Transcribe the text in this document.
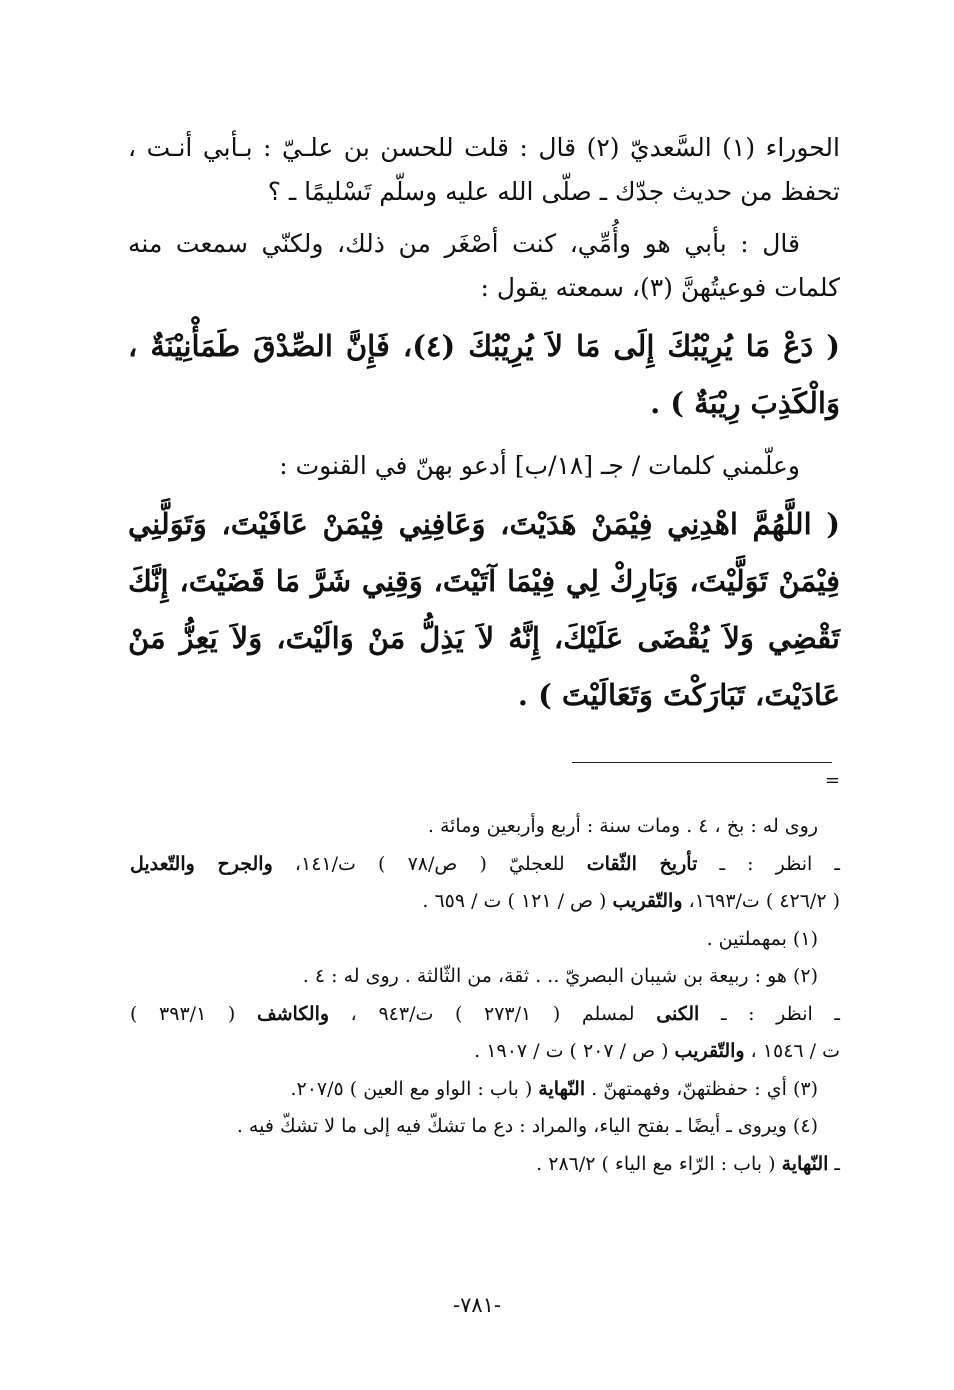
الحوراء (١) السَّعديّ (٢) قال : قلت للحسن بن علـيّ : بـأبي أنـت ، تحفظ من حديث جدّك ـ صلّى الله عليه وسلّم تَسْليمًا ـ ؟

قال : بأبي هو وأُمِّي، كنت أصْغَر من ذلك، ولكنّي سمعت منه كلمات فوعيتُهنَّ (٣)، سمعته يقول :

( دَعْ مَا يُرِيْبُكَ إِلَى مَا لاَ يُرِيْبُكَ (٤)، فَإِنَّ الصِّدْقَ طَمَأْنِيْنَةٌ ، وَالْكَذِبَ رِيْبَةٌ ) .

وعلّمني كلمات / جـ [١٨/ب] أدعو بهنّ في القنوت :

( اللَّهُمَّ اهْدِنِي فِيْمَنْ هَدَيْتَ، وَعَافِنِي فِيْمَنْ عَافَيْتَ، وَتَوَلَّنِي فِيْمَنْ تَوَلَّيْتَ، وَبَارِكْ لِي فِيْمَا آتَيْتَ، وَقِنِي شَرَّ مَا قَضَيْتَ، إِنَّكَ تَقْضِي وَلاَ يُقْضَى عَلَيْكَ، إِنَّهُ لاَ يَذِلُّ مَنْ وَالَيْتَ، وَلاَ يَعِزُّ مَنْ عَادَيْتَ، تَبَارَكْتَ وَتَعَالَيْتَ ) .

=
روى له : بخ ، ٤ . ومات سنة : أربع وأربعين ومائة .
ـ انظر : ـ تأريخ الثّقات للعجليّ ( ص/٧٨ ) ت/١٤١، والجرح والتّعديل
( ٤٢٦/٢ ) ت/١٦٩٣، والتّقريب ( ص / ١٢١ ) ت / ٦٥٩ .
(١) بمهملتين .
(٢) هو : ربيعة بن شيبان البصريّ .. . ثقة، من الثّالثة . روى له : ٤ .
ـ انظر : ـ الكنى لمسلم ( ٢٧٣/١ ) ت/٩٤٣ ، والكاشف ( ٣٩٣/١ )
ت / ١٥٤٦ ، والتّقريب ( ص / ٢٠٧ ) ت / ١٩٠٧ .
(٣) أي : حفظتهنّ، وفهمتهنّ . النّهاية ( باب : الواو مع العين ) ٢٠٧/٥.
(٤) ويروى ـ أيضًا ـ بفتح الياء، والمراد : دع ما تشكّ فيه إلى ما لا تشكّ فيه .
ـ النّهاية ( باب : الرّاء مع الياء ) ٢٨٦/٢ .
-٧٨١-
